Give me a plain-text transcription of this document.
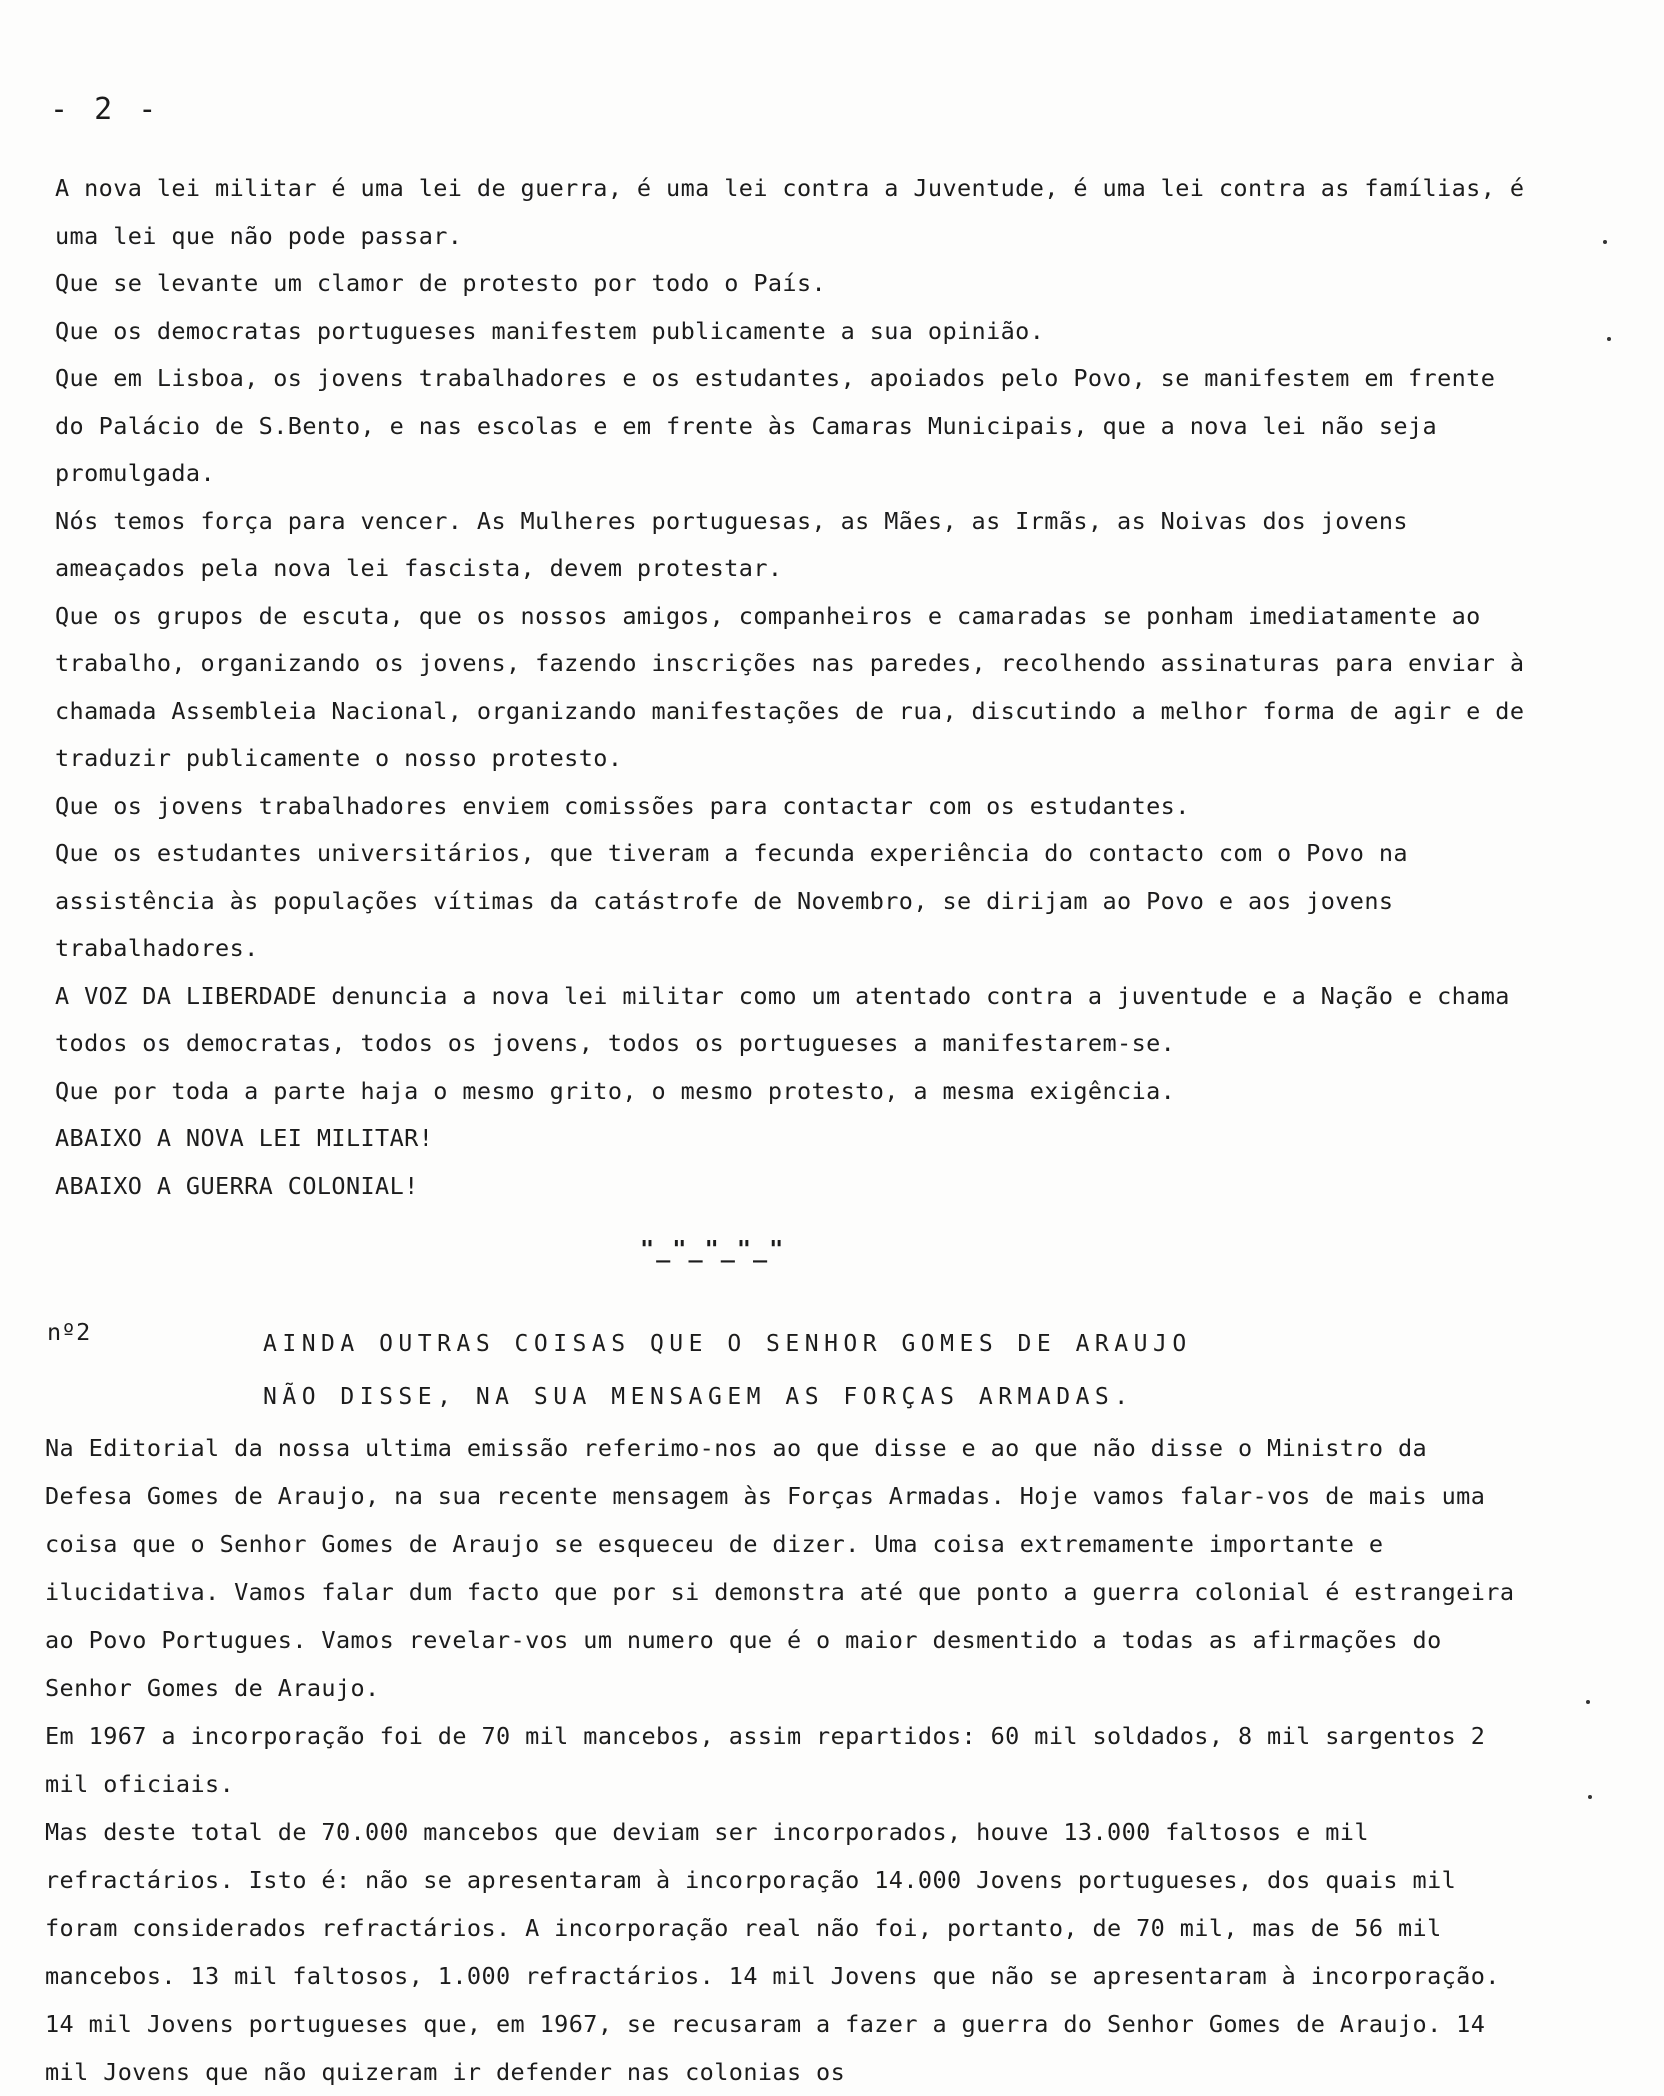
- 2 -

A nova lei militar é uma lei de guerra, é uma lei contra a Juventude, é uma lei contra as famílias, é uma lei que não pode passar.

Que se levante um clamor de protesto por todo o País.

Que os democratas portugueses manifestem publicamente a sua opinião.

Que em Lisboa, os jovens trabalhadores e os estudantes, apoiados pelo Povo, se manifestem em frente do Palácio de S.Bento, e nas escolas e em frente às Camaras Municipais, que a nova lei não seja promulgada.

Nós temos força para vencer. As Mulheres portuguesas, as Mães, as Irmãs, as Noivas dos jovens ameaçados pela nova lei fascista, devem protestar.

Que os grupos de escuta, que os nossos amigos, companheiros e camaradas se ponham imediatamente ao trabalho, organizando os jovens, fazendo inscrições nas paredes, recolhendo assinaturas para enviar à chamada Assembleia Nacional, organizando manifestações de rua, discutindo a melhor forma de agir e de traduzir publicamente o nosso protesto.

Que os jovens trabalhadores enviem comissões para contactar com os estudantes.

Que os estudantes universitários, que tiveram a fecunda experiência do contacto com o Povo na assistência às populações vítimas da catástrofe de Novembro, se dirijam ao Povo e aos jovens trabalhadores.

A VOZ DA LIBERDADE denuncia a nova lei militar como um atentado contra a juventude e a Nação e chama todos os democratas, todos os jovens, todos os portugueses a manifestarem-se.

Que por toda a parte haja o mesmo grito, o mesmo protesto, a mesma exigência.

ABAIXO A NOVA LEI MILITAR!

ABAIXO A GUERRA COLONIAL!

"_"_"_"_"
nº2	AINDA OUTRAS COISAS QUE O SENHOR GOMES DE ARAUJO
NÃO DISSE, NA SUA MENSAGEM AS FORÇAS ARMADAS.

Na Editorial da nossa ultima emissão referimo-nos ao que disse e ao que não disse o Ministro da Defesa Gomes de Araujo, na sua recente mensagem às Forças Armadas. Hoje vamos falar-vos de mais uma coisa que o Senhor Gomes de Araujo se esqueceu de dizer. Uma coisa extremamente importante e ilucidativa. Vamos falar dum facto que por si demonstra até que ponto a guerra colonial é estrangeira ao Povo Portugues. Vamos revelar-vos um numero que é o maior desmentido a todas as afirmações do Senhor Gomes de Araujo.

Em 1967 a incorporação foi de 70 mil mancebos, assim repartidos: 60 mil soldados, 8 mil sargentos 2 mil oficiais.

Mas deste total de 70.000 mancebos que deviam ser incorporados, houve 13.000 faltosos e mil refractários. Isto é: não se apresentaram à incorporação 14.000 Jovens portugueses, dos quais mil foram considerados refractários. A incorporação real não foi, portanto, de 70 mil, mas de 56 mil mancebos. 13 mil faltosos, 1.000 refractários. 14 mil Jovens que não se apresentaram à incorporação. 14 mil Jovens portugueses que, em 1967, se recusaram a fazer a guerra do Senhor Gomes de Araujo. 14 mil Jovens que não quizeram ir defender nas colonias os
